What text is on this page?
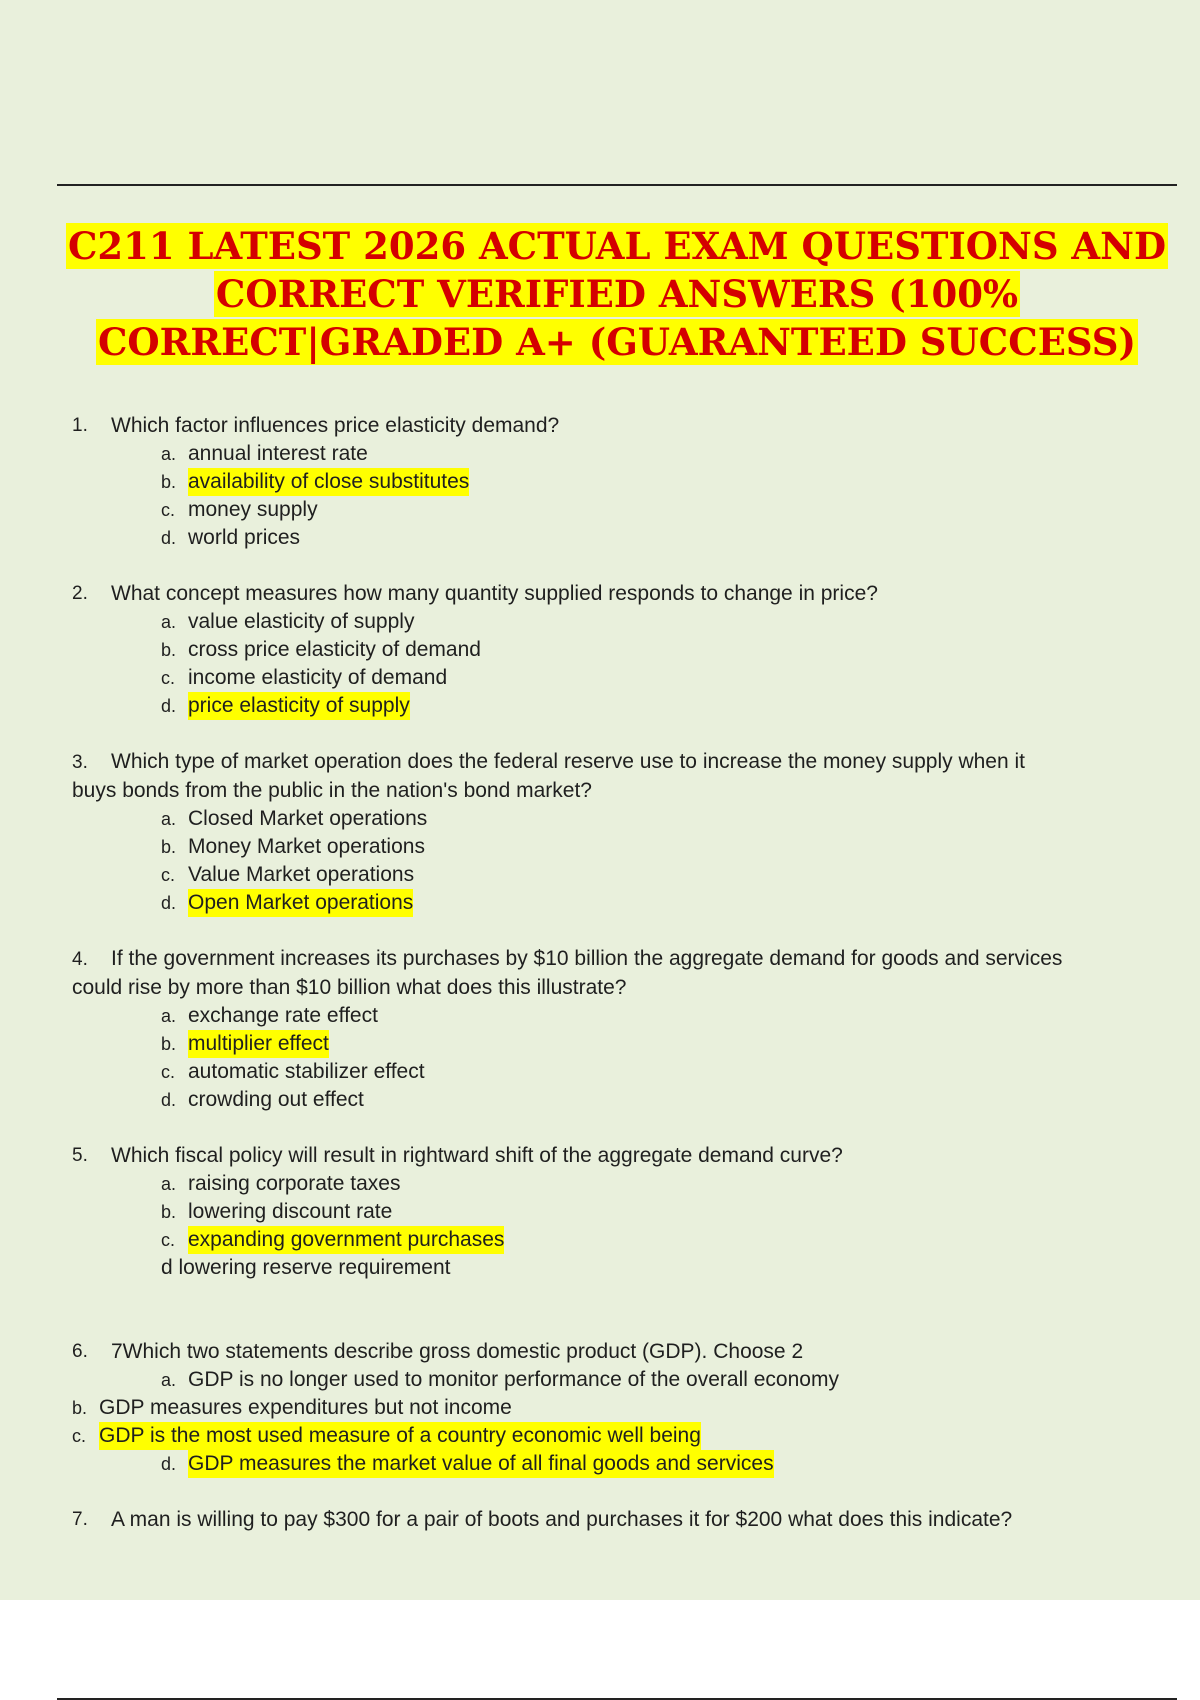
C211 LATEST 2026 ACTUAL EXAM QUESTIONS AND
CORRECT VERIFIED ANSWERS (100%
CORRECT|GRADED A+ (GUARANTEED SUCCESS)
1.	Which factor influences price elasticity demand?
a. annual interest rate
b. availability of close substitutes
c. money supply
d. world prices
2.	What concept measures how many quantity supplied responds to change in price?
a. value elasticity of supply
b. cross price elasticity of demand
c. income elasticity of demand
d. price elasticity of supply
3. Which type of market operation does the federal reserve use to increase the money supply when it
buys bonds from the public in the nation's bond market?
a. Closed Market operations
b. Money Market operations
c. Value Market operations
d. Open Market operations
4. If the government increases its purchases by $10 billion the aggregate demand for goods and services
could rise by more than $10 billion what does this illustrate?
a. exchange rate effect
b. multiplier effect
c. automatic stabilizer effect
d. crowding out effect
5.	Which fiscal policy will result in rightward shift of the aggregate demand curve?
a. raising corporate taxes
b. lowering discount rate
c. expanding government purchases
d lowering reserve requirement
6.	7Which two statements describe gross domestic product (GDP). Choose 2
a. GDP is no longer used to monitor performance of the overall economy
b. GDP measures expenditures but not income
c. GDP is the most used measure of a country economic well being
d. GDP measures the market value of all final goods and services
7.	A man is willing to pay $300 for a pair of boots and purchases it for $200 what does this indicate?
